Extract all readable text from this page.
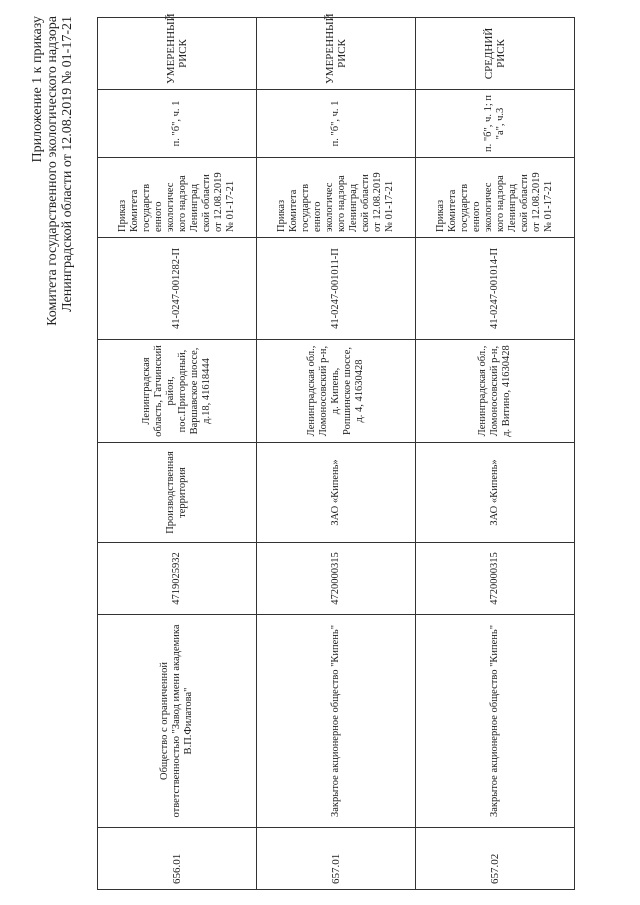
Приложение 1 к приказу Комитета государственного экологического надзора Ленинградской области от 12.08.2019 № 01-17-21
656.01	Общество с ограниченной ответственностью "Завод имени академика В.П.Филатова"	4719025932	Производственная территория	Ленинградская область, Гатчинский район, пос.Пригородный, Варшавское шоссе, д.18, 41618444	41-0247-001282-П	Приказ Комитета государств енного экологичес кого надзора Ленинград ской области от 12.08.2019 № 01-17-21	п. "б", ч. 1	УМЕРЕННЫЙ РИСК
657.01	Закрытое акционерное общество "Кипень"	4720000315	ЗАО «Кипень»	Ленинградская обл., Ломоносовский р-н, д. Кипень, Ропшинское шоссе, д. 4, 41630428	41-0247-001011-П	Приказ Комитета государств енного экологичес кого надзора Ленинград ской области от 12.08.2019 № 01-17-21	п. "б", ч. 1	УМЕРЕННЫЙ РИСК
657.02	Закрытое акционерное общество "Кипень"	4720000315	ЗАО «Кипень»	Ленинградская обл., Ломоносовский р-н, д. Витино, 41630428	41-0247-001014-П	Приказ Комитета государств енного экологичес кого надзора Ленинград ской области от 12.08.2019 № 01-17-21	п. "б", ч. 1; п "а", ч.3	СРЕДНИЙ РИСК
